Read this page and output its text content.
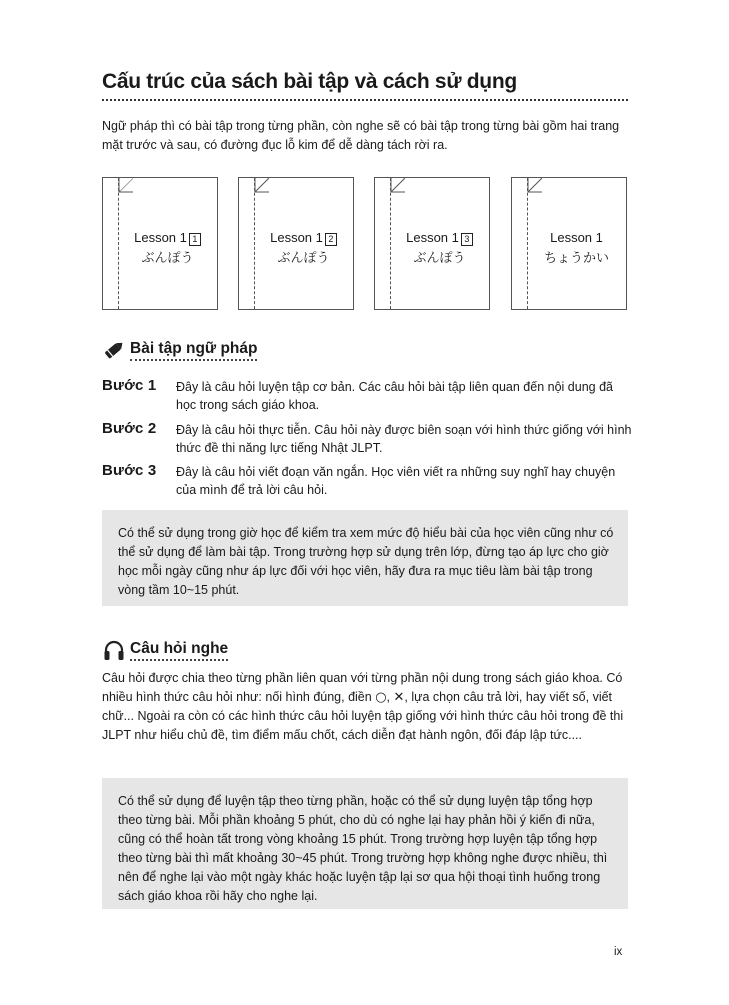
Cấu trúc của sách bài tập và cách sử dụng

Ngữ pháp thì có bài tập trong từng phần, còn nghe sẽ có bài tập trong từng bài gồm hai trang mặt trước và sau, có đường đục lỗ kim để dễ dàng tách rời ra.

Lesson 1 1
ぶんぽう
Lesson 1 2
ぶんぽう
Lesson 1 3
ぶんぽう
Lesson 1
ちょうかい
Bài tập ngữ pháp
Bước 1 Đây là câu hỏi luyện tập cơ bản. Các câu hỏi bài tập liên quan đến nội dung đã học trong sách giáo khoa.

Bước 2 Đây là câu hỏi thực tiễn. Câu hỏi này được biên soạn với hình thức giống với hình thức đề thi năng lực tiếng Nhật JLPT.

Bước 3 Đây là câu hỏi viết đoạn văn ngắn. Học viên viết ra những suy nghĩ hay chuyện của mình để trả lời câu hỏi.

Có thể sử dụng trong giờ học để kiểm tra xem mức độ hiểu bài của học viên cũng như có thể sử dụng để làm bài tập. Trong trường hợp sử dụng trên lớp, đừng tạo áp lực cho giờ học mỗi ngày cũng như áp lực đối với học viên, hãy đưa ra mục tiêu làm bài tập trong vòng tầm 10~15 phút.

Câu hỏi nghe

Câu hỏi được chia theo từng phần liên quan với từng phần nội dung trong sách giáo khoa. Có nhiều hình thức câu hỏi như: nối hình đúng, điền ○, ✕, lựa chọn câu trả lời, hay viết số, viết chữ... Ngoài ra còn có các hình thức câu hỏi luyện tập giống với hình thức câu hỏi trong đề thi JLPT như hiểu chủ đề, tìm điểm mấu chốt, cách diễn đạt hành ngôn, đối đáp lập tức....

Có thể sử dụng để luyện tập theo từng phần, hoặc có thể sử dụng luyện tập tổng hợp theo từng bài. Mỗi phần khoảng 5 phút, cho dù có nghe lại hay phản hồi ý kiến đi nữa, cũng có thể hoàn tất trong vòng khoảng 15 phút. Trong trường hợp luyện tập tổng hợp theo từng bài thì mất khoảng 30~45 phút. Trong trường hợp không nghe được nhiều, thì nên để nghe lại vào một ngày khác hoặc luyện tập lại sơ qua hội thoại tình huống trong sách giáo khoa rồi hãy cho nghe lại.

ix
